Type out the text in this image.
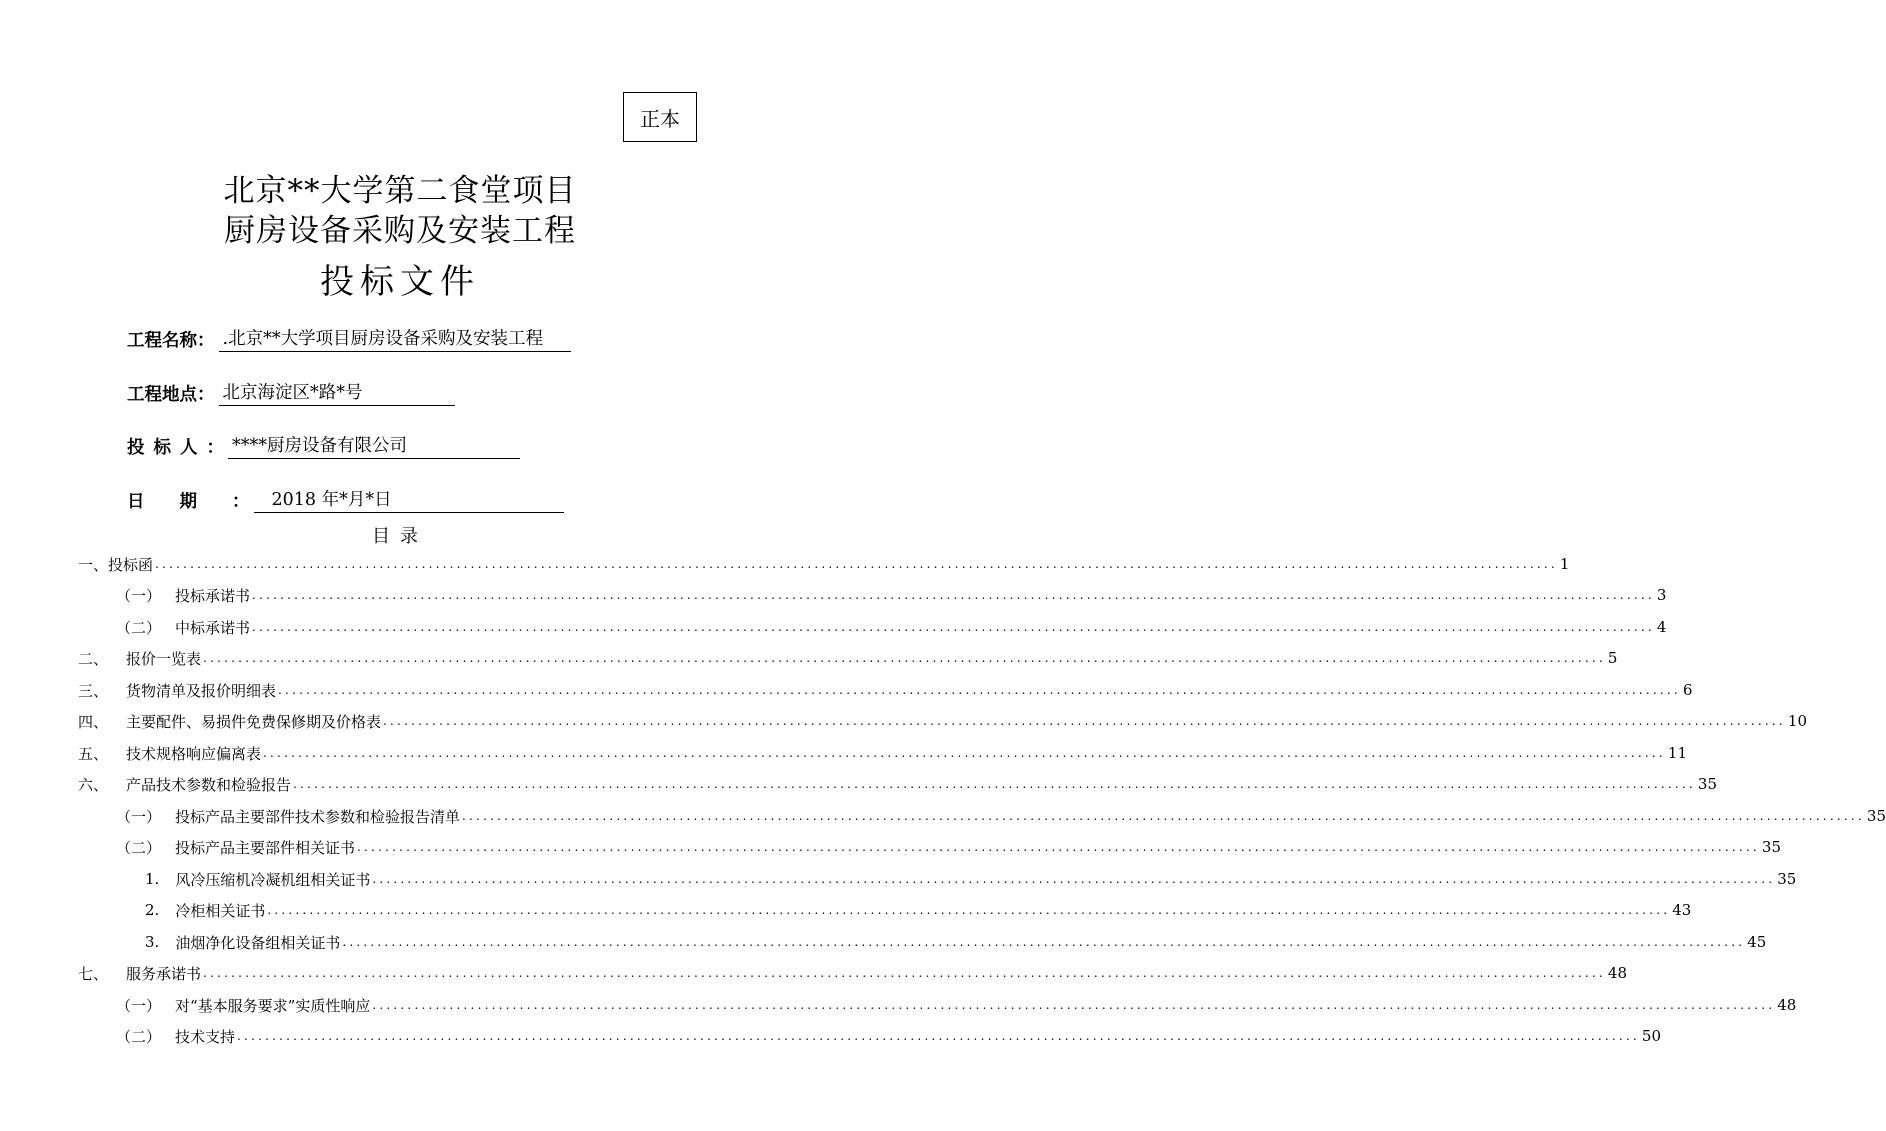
正本
北京**大学第二食堂项目
厨房设备采购及安装工程
投标文件
工程名称 ： .北京**大学项目厨房设备采购及安装工程
工程地点 ： 北京海淀区*路*号
投标人 ： ****厨房设备有限公司
日期 ：	2018 年*月*日
目录
一、 投标函 ........................................................................................................................................................................................................ 1
（一） 投标承诺书 ........................................................................................................................................................................................................ 3
（二） 中标承诺书 ........................................................................................................................................................................................................ 4
二、	报价一览表 ........................................................................................................................................................................................................ 5
三、	货物清单及报价明细表 ........................................................................................................................................................................................................ 6
四、	主要配件、易损件免费保修期及价格表 ........................................................................................................................................................................................................ 10
五、	技术规格响应偏离表 ........................................................................................................................................................................................................ 11
六、	产品技术参数和检验报告 ........................................................................................................................................................................................................ 35
（一） 投标产品主要部件技术参数和检验报告清单 ........................................................................................................................................................................................................ 35
（二） 投标产品主要部件相关证书 ........................................................................................................................................................................................................ 35
1.	风冷压缩机冷凝机组相关证书 ........................................................................................................................................................................................................ 35
2.	冷柜相关证书 ........................................................................................................................................................................................................ 43
3.	油烟净化设备组相关证书 ........................................................................................................................................................................................................ 45
七、	服务承诺书 ........................................................................................................................................................................................................ 48
（一） 对“基本服务要求”实质性响应 ........................................................................................................................................................................................................ 48
（二） 技术支持 ........................................................................................................................................................................................................ 50
